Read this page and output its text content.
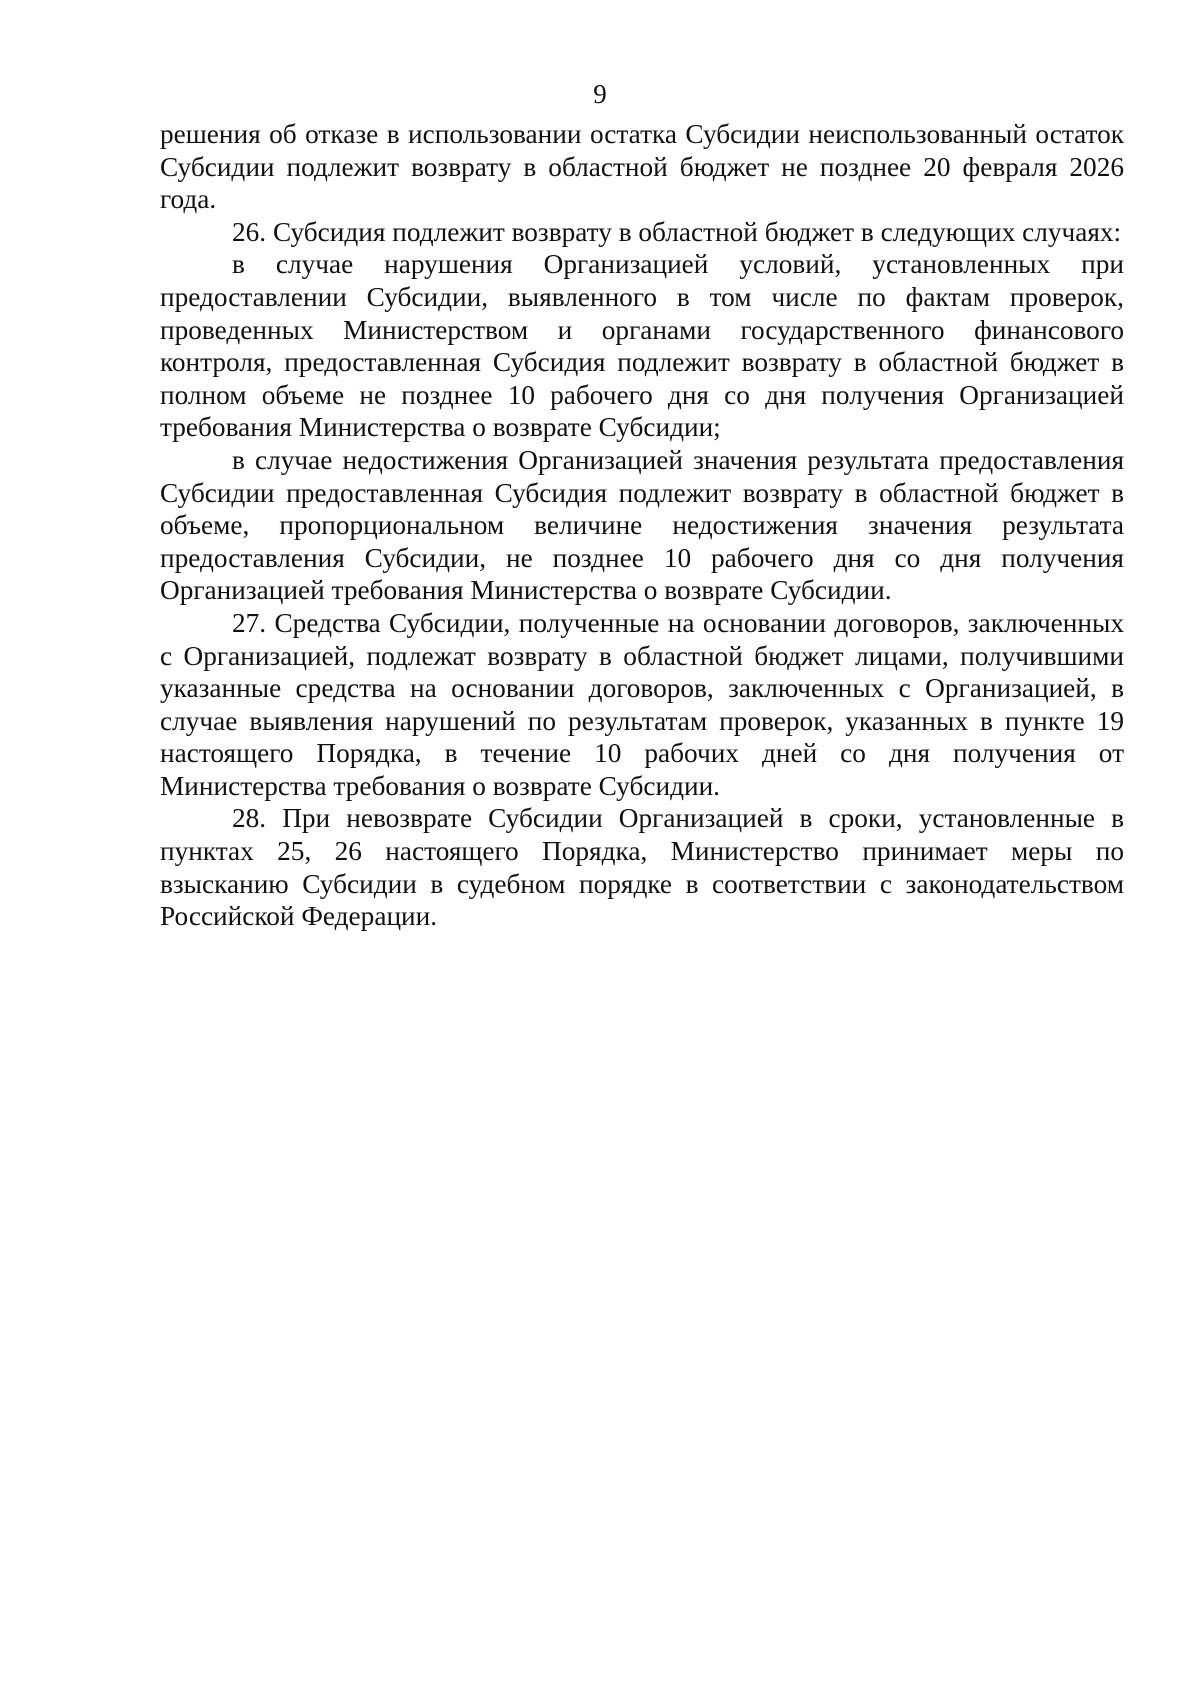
9

решения об отказе в использовании остатка Субсидии неиспользованный остаток Субсидии подлежит возврату в областной бюджет не позднее 20 февраля 2026 года.

26. Субсидия подлежит возврату в областной бюджет в следующих случаях:

в случае нарушения Организацией условий, установленных при предоставлении Субсидии, выявленного в том числе по фактам проверок, проведенных Министерством и органами государственного финансового контроля, предоставленная Субсидия подлежит возврату в областной бюджет в полном объеме не позднее 10 рабочего дня со дня получения Организацией требования Министерства о возврате Субсидии;

в случае недостижения Организацией значения результата предоставления Субсидии предоставленная Субсидия подлежит возврату в областной бюджет в объеме, пропорциональном величине недостижения значения результата предоставления Субсидии, не позднее 10 рабочего дня со дня получения Организацией требования Министерства о возврате Субсидии.

27. Средства Субсидии, полученные на основании договоров, заключенных с Организацией, подлежат возврату в областной бюджет лицами, получившими указанные средства на основании договоров, заключенных с Организацией, в случае выявления нарушений по результатам проверок, указанных в пункте 19 настоящего Порядка, в течение 10 рабочих дней со дня получения от Министерства требования о возврате Субсидии.

28. При невозврате Субсидии Организацией в сроки, установленные в пунктах 25, 26 настоящего Порядка, Министерство принимает меры по взысканию Субсидии в судебном порядке в соответствии с законодательством Российской Федерации.
